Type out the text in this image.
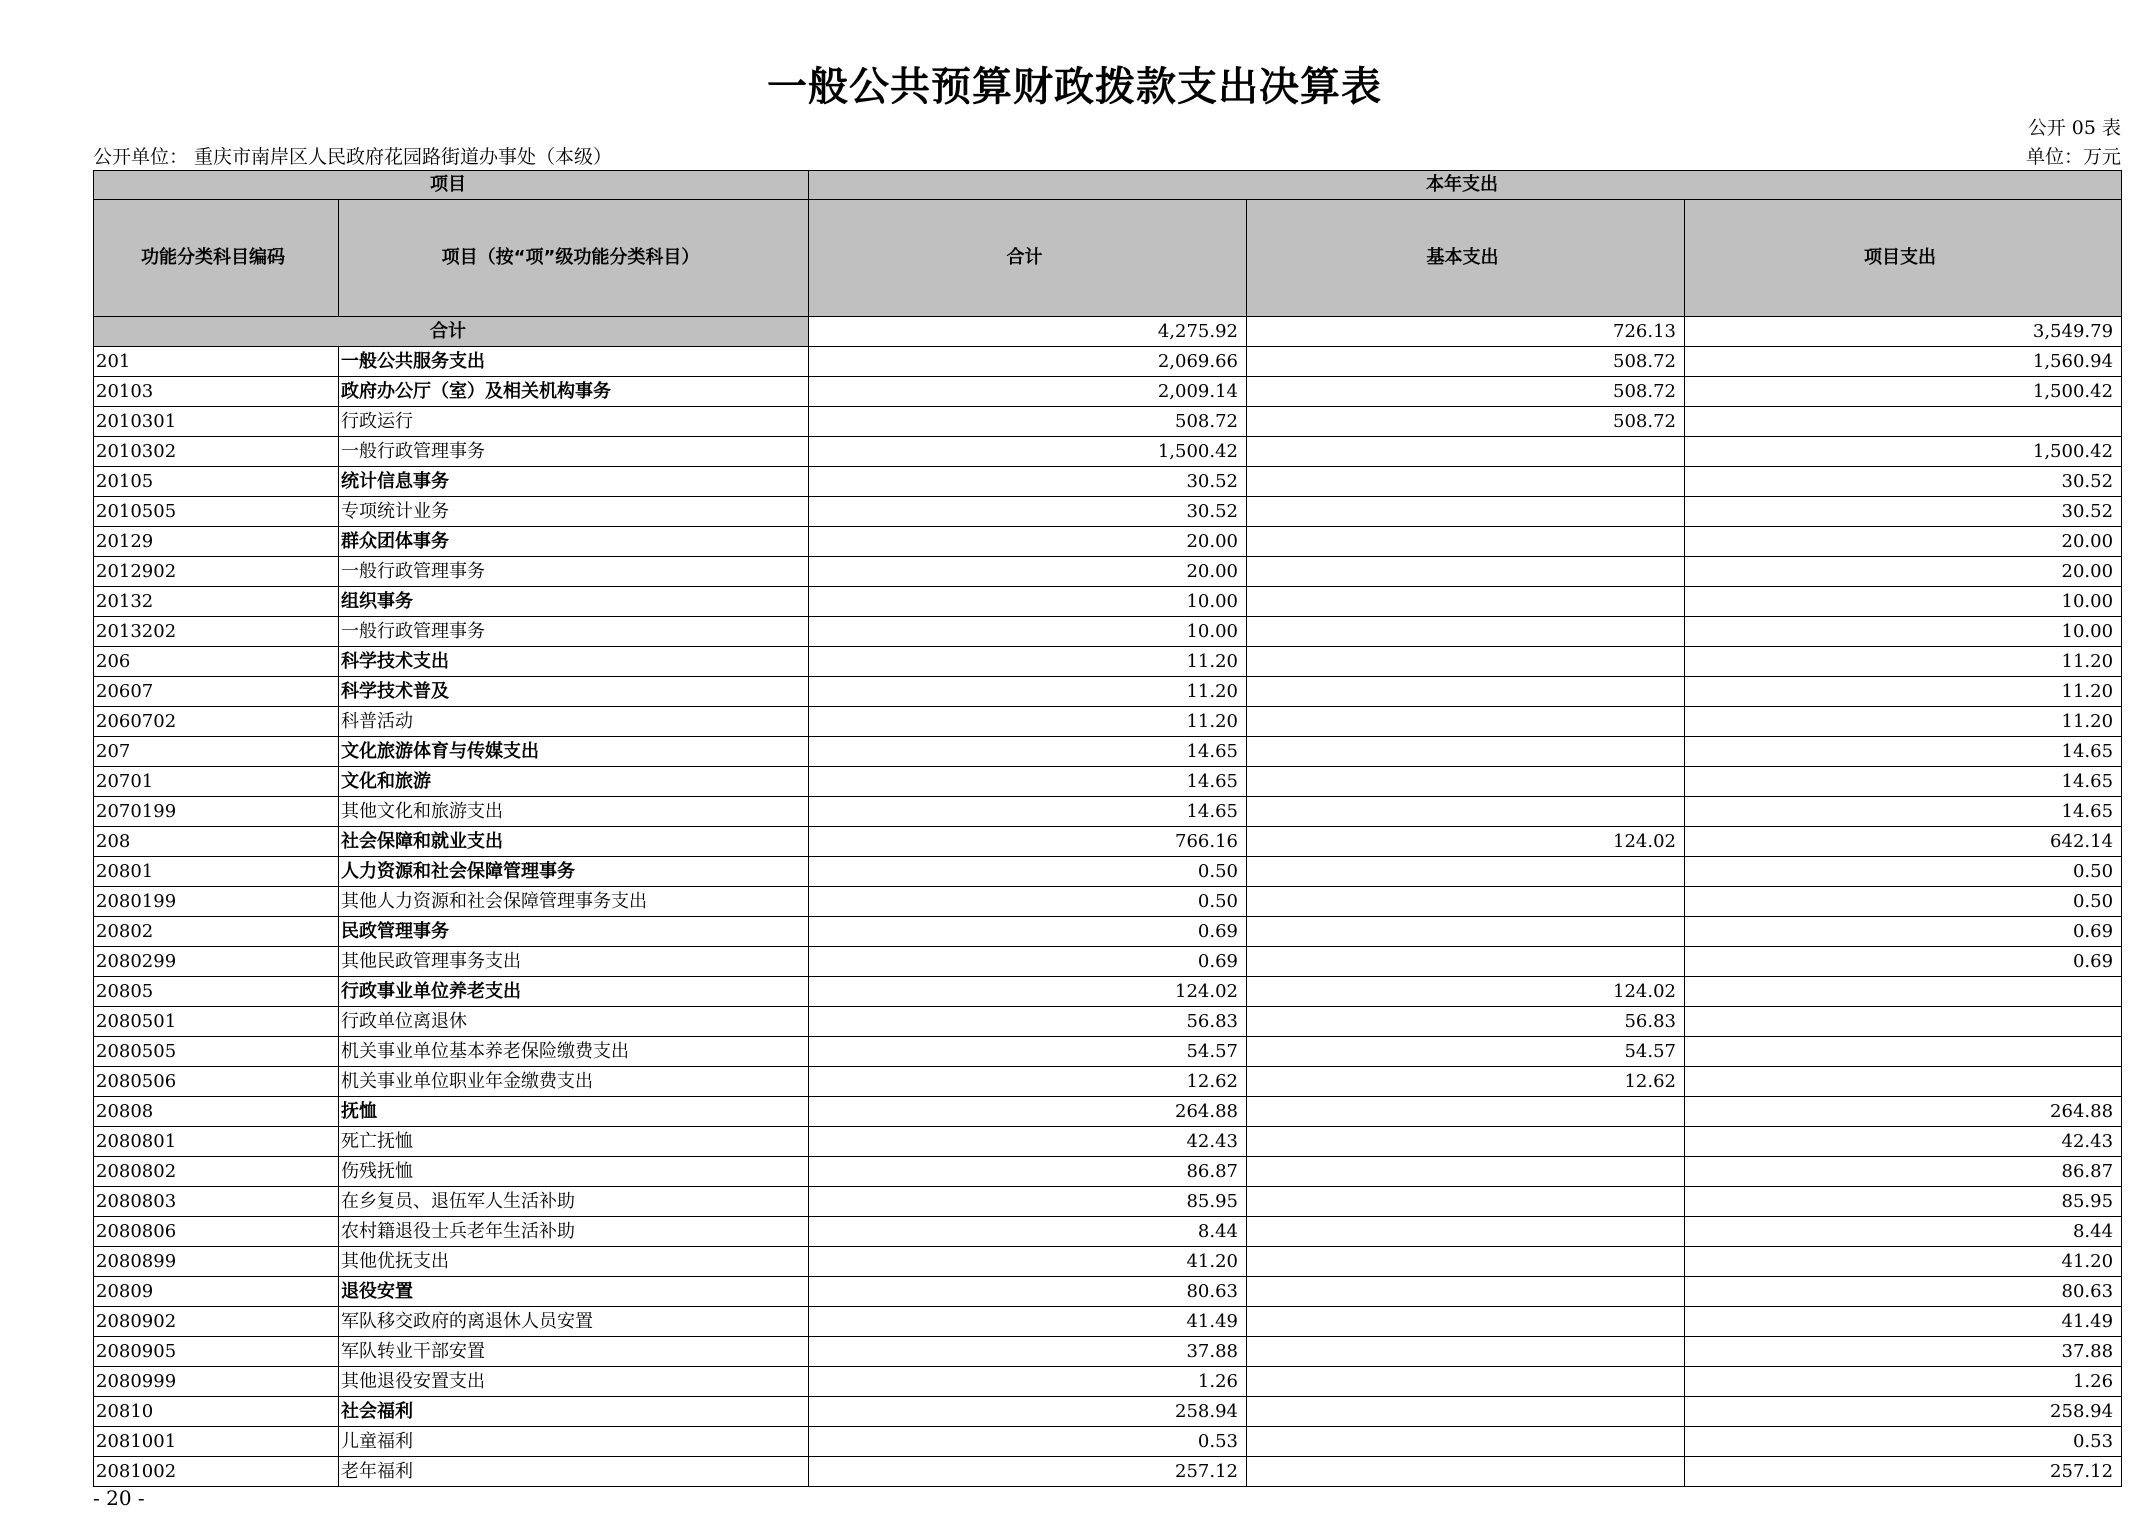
一般公共预算财政拨款支出决算表
公开 05 表
公开单位： 重庆市南岸区人民政府花园路街道办事处（本级）	单位：万元
项目		本年支出		
功能分类科目编码	项目（按“项”级功能分类科目）	合计	基本支出	项目支出
合计		4,275.92	726.13	3,549.79
201	一般公共服务支出	2,069.66	508.72	1,560.94
20103	政府办公厅（室）及相关机构事务	2,009.14	508.72	1,500.42
2010301	行政运行	508.72	508.72	
2010302	一般行政管理事务	1,500.42		1,500.42
20105	统计信息事务	30.52		30.52
2010505	专项统计业务	30.52		30.52
20129	群众团体事务	20.00		20.00
2012902	一般行政管理事务	20.00		20.00
20132	组织事务	10.00		10.00
2013202	一般行政管理事务	10.00		10.00
206	科学技术支出	11.20		11.20
20607	科学技术普及	11.20		11.20
2060702	科普活动	11.20		11.20
207	文化旅游体育与传媒支出	14.65		14.65
20701	文化和旅游	14.65		14.65
2070199	其他文化和旅游支出	14.65		14.65
208	社会保障和就业支出	766.16	124.02	642.14
20801	人力资源和社会保障管理事务	0.50		0.50
2080199	其他人力资源和社会保障管理事务支出	0.50		0.50
20802	民政管理事务	0.69		0.69
2080299	其他民政管理事务支出	0.69		0.69
20805	行政事业单位养老支出	124.02	124.02	
2080501	行政单位离退休	56.83	56.83	
2080505	机关事业单位基本养老保险缴费支出	54.57	54.57	
2080506	机关事业单位职业年金缴费支出	12.62	12.62	
20808	抚恤	264.88		264.88
2080801	死亡抚恤	42.43		42.43
2080802	伤残抚恤	86.87		86.87
2080803	在乡复员、退伍军人生活补助	85.95		85.95
2080806	农村籍退役士兵老年生活补助	8.44		8.44
2080899	其他优抚支出	41.20		41.20
20809	退役安置	80.63		80.63
2080902	军队移交政府的离退休人员安置	41.49		41.49
2080905	军队转业干部安置	37.88		37.88
2080999	其他退役安置支出	1.26		1.26
20810	社会福利	258.94		258.94
2081001	儿童福利	0.53		0.53
2081002	老年福利	257.12		257.12
- 20 -
